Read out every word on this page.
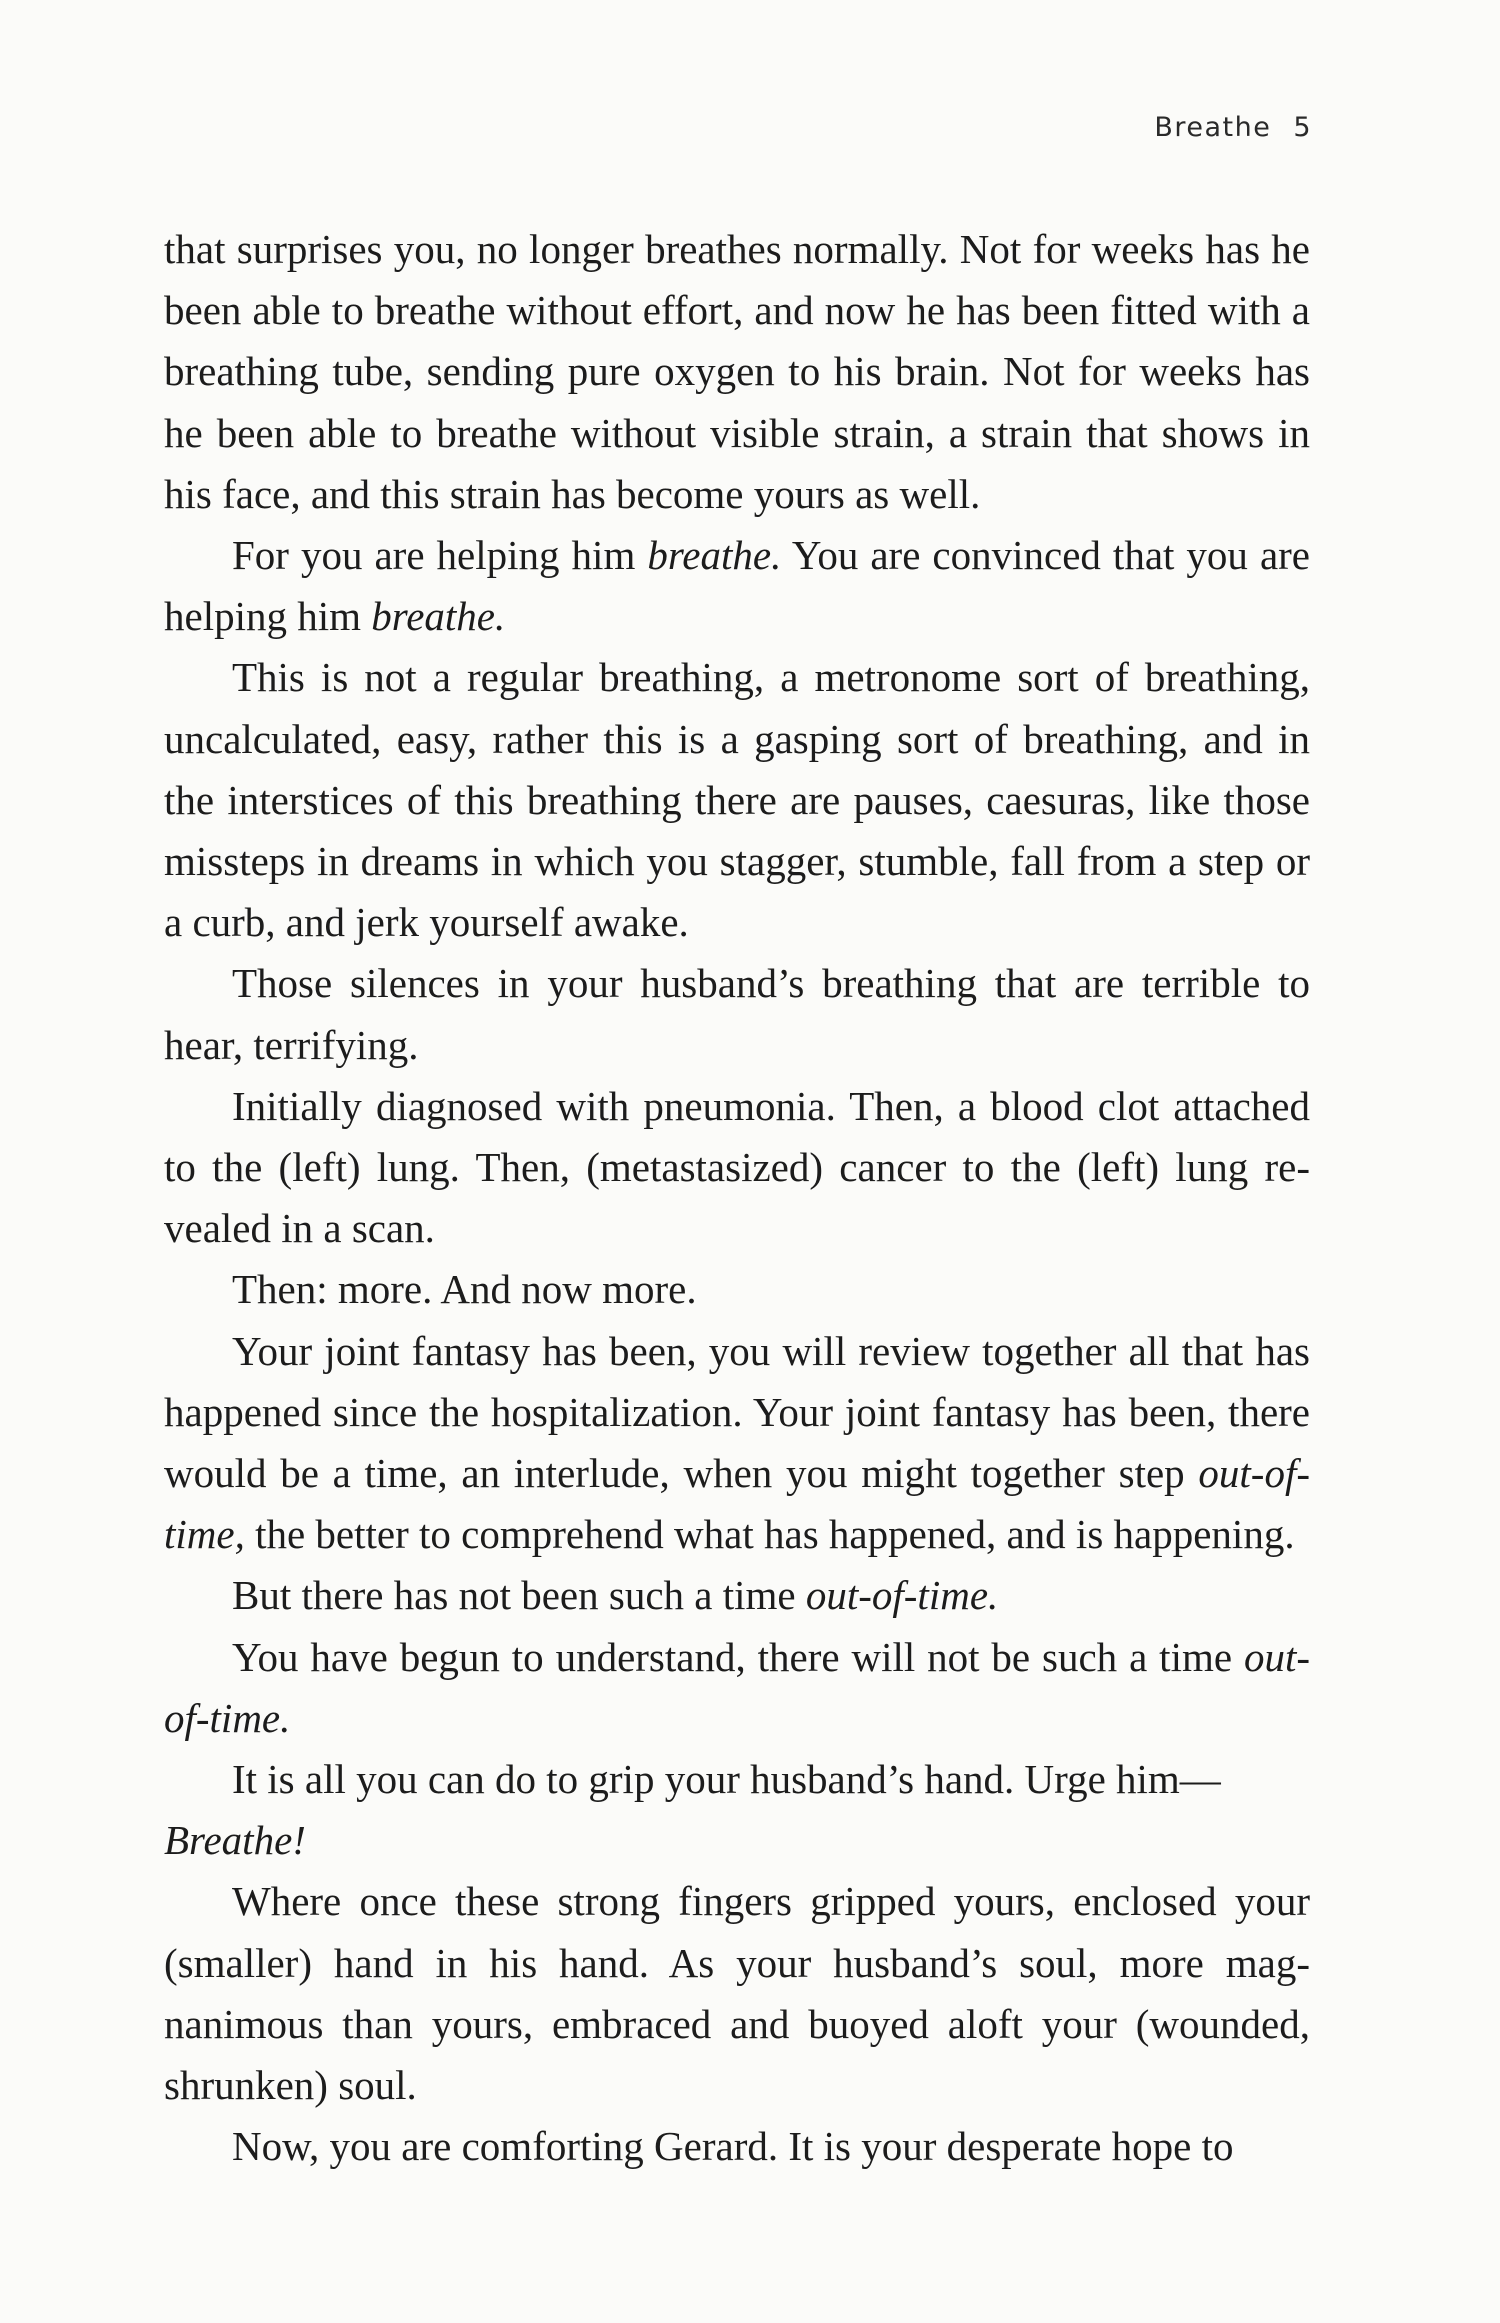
Breathe 5

that surprises you, no longer breathes normally. Not for weeks has he been able to breathe without effort, and now he has been fitted with a breathing tube, sending pure oxygen to his brain. Not for weeks has he been able to breathe without visible strain, a strain that shows in his face, and this strain has become yours as well.

For you are helping him breathe. You are convinced that you are helping him breathe.

This is not a regular breathing, a metronome sort of breathing, uncalculated, easy, rather this is a gasping sort of breathing, and in the interstices of this breathing there are pauses, caesuras, like those missteps in dreams in which you stagger, stumble, fall from a step or a curb, and jerk yourself awake.

Those silences in your husband’s breathing that are terrible to hear, terrifying.

Initially diagnosed with pneumonia. Then, a blood clot attached to the (left) lung. Then, (metastasized) cancer to the (left) lung revealed in a scan.

Then: more. And now more.

Your joint fantasy has been, you will review together all that has happened since the hospitalization. Your joint fantasy has been, there would be a time, an interlude, when you might together step out-of-time, the better to comprehend what has happened, and is happening.

But there has not been such a time out-of-time.

You have begun to understand, there will not be such a time out-of-time.

It is all you can do to grip your husband’s hand. Urge him—
Breathe!

Where once these strong fingers gripped yours, enclosed your (smaller) hand in his hand. As your husband’s soul, more magnanimous than yours, embraced and buoyed aloft your (wounded, shrunken) soul.

Now, you are comforting Gerard. It is your desperate hope to
